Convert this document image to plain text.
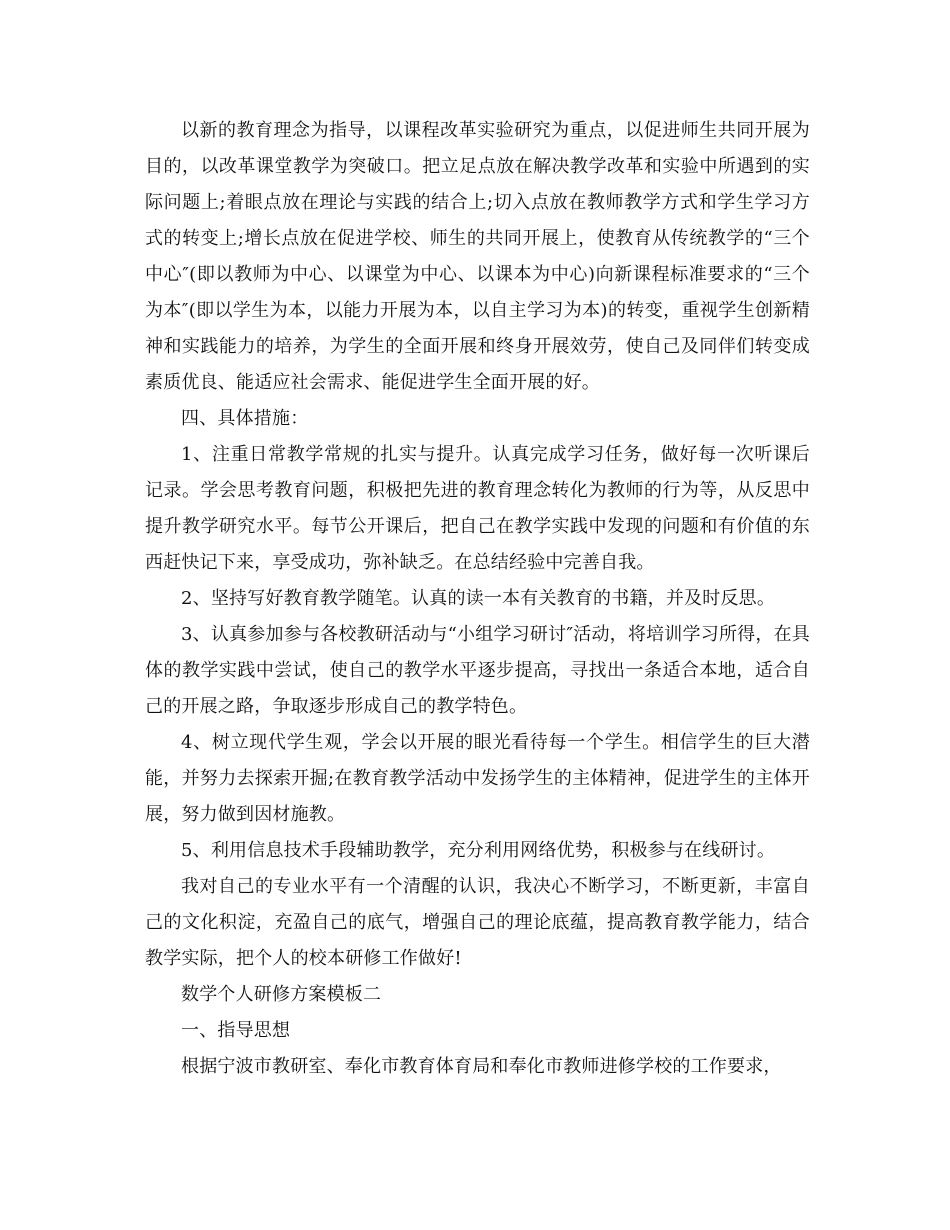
以新的教育理念为指导，以课程改革实验研究为重点，以促进师生共同开展为目的，以改革课堂教学为突破口。把立足点放在解决教学改革和实验中所遇到的实际问题上;着眼点放在理论与实践的结合上;切入点放在教师教学方式和学生学习方式的转变上;增长点放在促进学校、师生的共同开展上，使教育从传统教学的“三个中心″(即以教师为中心、以课堂为中心、以课本为中心)向新课程标准要求的“三个为本″(即以学生为本，以能力开展为本，以自主学习为本)的转变，重视学生创新精神和实践能力的培养，为学生的全面开展和终身开展效劳，使自己及同伴们转变成素质优良、能适应社会需求、能促进学生全面开展的好。

四、具体措施：

1、注重日常教学常规的扎实与提升。认真完成学习任务，做好每一次听课后记录。学会思考教育问题，积极把先进的教育理念转化为教师的行为等，从反思中提升教学研究水平。每节公开课后，把自己在教学实践中发现的问题和有价值的东西赶快记下来，享受成功，弥补缺乏。在总结经验中完善自我。

2、坚持写好教育教学随笔。认真的读一本有关教育的书籍，并及时反思。

3、认真参加参与各校教研活动与“小组学习研讨″活动，将培训学习所得，在具体的教学实践中尝试，使自己的教学水平逐步提高，寻找出一条适合本地，适合自己的开展之路，争取逐步形成自己的教学特色。

4、树立现代学生观，学会以开展的眼光看待每一个学生。相信学生的巨大潜能，并努力去探索开掘;在教育教学活动中发扬学生的主体精神，促进学生的主体开展，努力做到因材施教。

5、利用信息技术手段辅助教学，充分利用网络优势，积极参与在线研讨。

我对自己的专业水平有一个清醒的认识，我决心不断学习，不断更新，丰富自己的文化积淀，充盈自己的底气，增强自己的理论底蕴，提高教育教学能力，结合教学实际，把个人的校本研修工作做好!

数学个人研修方案模板二

一、指导思想

根据宁波市教研室、奉化市教育体育局和奉化市教师进修学校的工作要求，
